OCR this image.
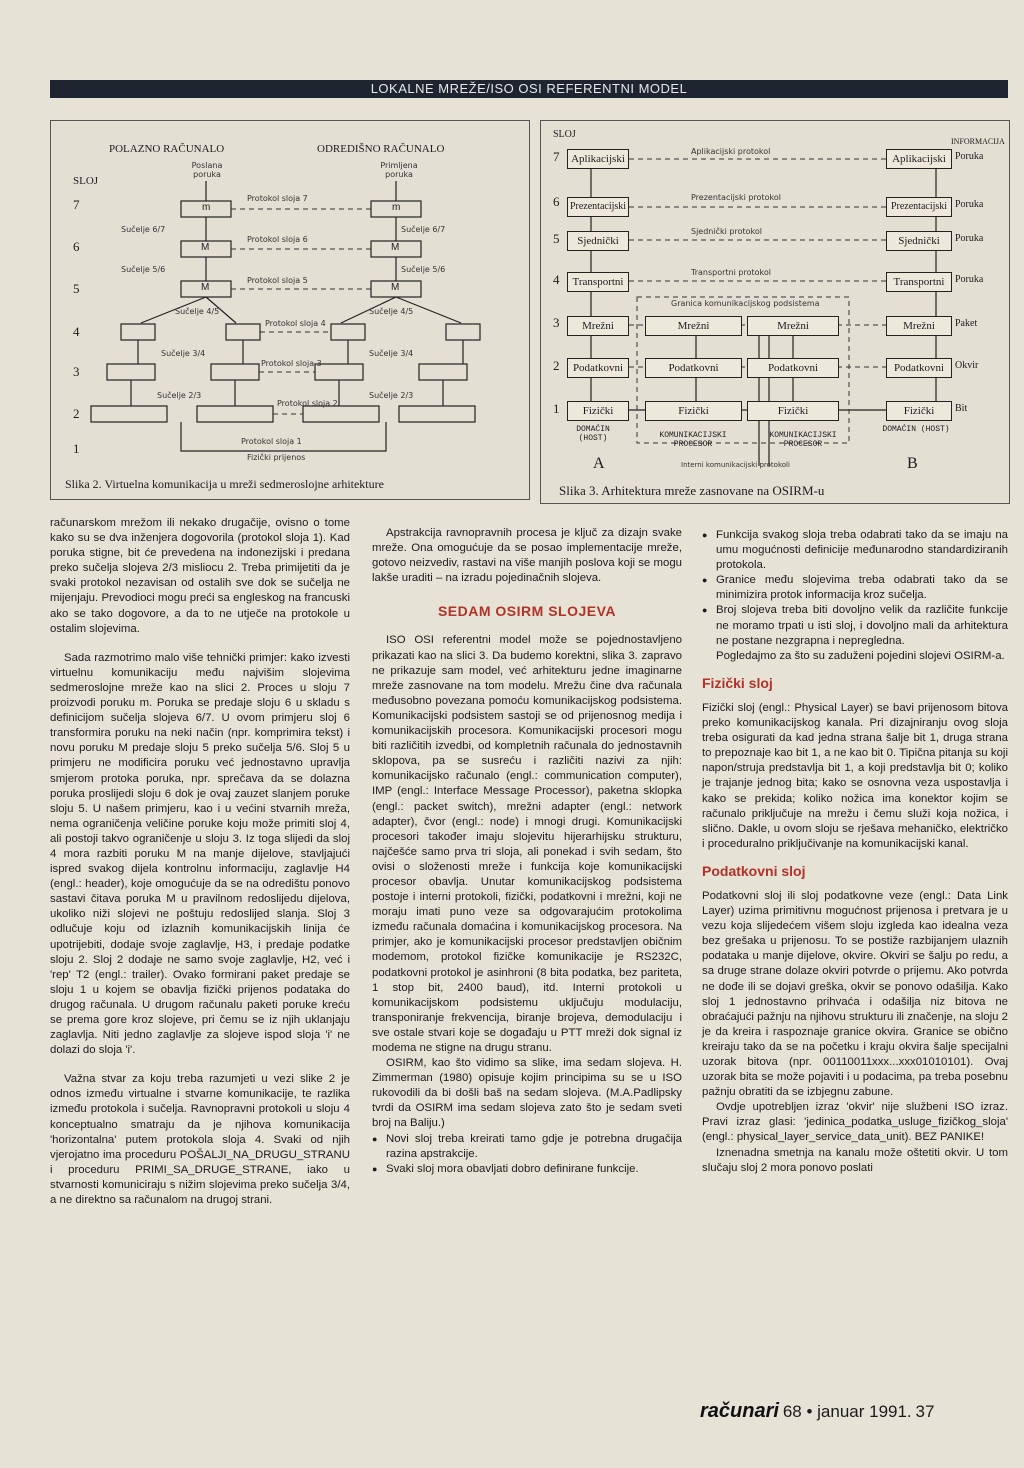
LOKALNE MREŽE/ISO OSI REFERENTNI MODEL
POLAZNO RAČUNALO	ODREDIŠNO RAČUNALO
SLOJ
7
6
5
4
3
2
1
Poslana poruka
Primljena poruka
m	m
M	M
M	M
Protokol sloja 7
Protokol sloja 6
Protokol sloja 5
Protokol sloja 4
Protokol sloja 3
Protokol sloja 2
Protokol sloja 1
Fizički prijenos
Sučelje 6/7	Sučelje 6/7
Sučelje 5/6	Sučelje 5/6
Sučelje 4/5	Sučelje 4/5
Sučelje 3/4	Sučelje 3/4
Sučelje 2/3	Sučelje 2/3
Slika 2. Virtuelna komunikacija u mreži sedmeroslojne arhitekture
SLOJ
INFORMACIJA
7
6
5
4
3
2
1
Aplikacijski
Prezentacijski
Sjednički
Transportni
Mrežni
Podatkovni
Fizički
Aplikacijski
Prezentacijski
Sjednički
Transportni
Mrežni
Podatkovni
Fizički
Mrežni
Podatkovni
Fizički
Mrežni
Podatkovni
Fizički
Aplikacijski protokol
Prezentacijski protokol
Sjednički protokol
Transportni protokol
Granica komunikacijskog podsistema
Poruka
Poruka
Poruka
Poruka
Paket
Okvir
Bit
DOMAĆIN (HOST)
DOMAĆIN (HOST)
KOMUNIKACIJSKI PROCESOR
KOMUNIKACIJSKI PROCESOR
Interni komunikacijski protokoli
A	B
Slika 3. Arhitektura mreže zasnovane na OSIRM-u

računarskom mrežom ili nekako drugačije, ovisno o tome kako su se dva inženjera dogovorila (protokol sloja 1). Kad poruka stigne, bit će prevedena na indonezijski i predana preko sučelja slojeva 2/3 misliocu 2. Treba primijetiti da je svaki protokol nezavisan od ostalih sve dok se sučelja ne mijenjaju. Prevodioci mogu preći sa engleskog na francuski ako se tako dogovore, a da to ne utječe na protokole u ostalim slojevima.

Sada razmotrimo malo više tehnički primjer: kako izvesti virtuelnu komunikaciju među najvišim slojevima sedmeroslojne mreže kao na slici 2. Proces u sloju 7 proizvodi poruku m. Poruka se predaje sloju 6 u skladu s definicijom sučelja slojeva 6/7. U ovom primjeru sloj 6 transformira poruku na neki način (npr. komprimira tekst) i novu poruku M predaje sloju 5 preko sučelja 5/6. Sloj 5 u primjeru ne modificira poruku već jednostavno upravlja smjerom protoka poruka, npr. sprečava da se dolazna poruka proslijedi sloju 6 dok je ovaj zauzet slanjem poruke sloju 5. U našem primjeru, kao i u većini stvarnih mreža, nema ograničenja veličine poruke koju može primiti sloj 4, ali postoji takvo ograničenje u sloju 3. Iz toga slijedi da sloj 4 mora razbiti poruku M na manje dijelove, stavljajući ispred svakog dijela kontrolnu informaciju, zaglavlje H4 (engl.: header), koje omogućuje da se na odredištu ponovo sastavi čitava poruka M u pravilnom redoslijedu dijelova, ukoliko niži slojevi ne poštuju redoslijed slanja. Sloj 3 odlučuje koju od izlaznih komunikacijskih linija će upotrijebiti, dodaje svoje zaglavlje, H3, i predaje podatke sloju 2. Sloj 2 dodaje ne samo svoje zaglavlje, H2, već i 'rep' T2 (engl.: trailer). Ovako formirani paket predaje se sloju 1 u kojem se obavlja fizički prijenos podataka do drugog računala. U drugom računalu paketi poruke kreću se prema gore kroz slojeve, pri čemu se iz njih uklanjaju zaglavlja. Niti jedno zaglavlje za slojeve ispod sloja 'i' ne dolazi do sloja 'i'.

Važna stvar za koju treba razumjeti u vezi slike 2 je odnos između virtualne i stvarne komunikacije, te razlika između protokola i sučelja. Ravnopravni protokoli u sloju 4 konceptualno smatraju da je njihova komunikacija 'horizontalna' putem protokola sloja 4. Svaki od njih vjerojatno ima proceduru POŠALJI_NA_DRUGU_STRANU i proceduru PRIMI_SA_DRUGE_STRANE, iako u stvarnosti komuniciraju s nižim slojevima preko sučelja 3/4, a ne direktno sa računalom na drugoj strani.

Apstrakcija ravnopravnih procesa je ključ za dizajn svake mreže. Ona omogućuje da se posao implementacije mreže, gotovo neizvediv, rastavi na više manjih poslova koji se mogu lakše uraditi – na izradu pojedinačnih slojeva.

SEDAM OSIRM SLOJEVA

ISO OSI referentni model može se pojednostavljeno prikazati kao na slici 3. Da budemo korektni, slika 3. zapravo ne prikazuje sam model, već arhitekturu jedne imaginarne mreže zasnovane na tom modelu. Mrežu čine dva računala međusobno povezana pomoću komunikacijskog podsistema. Komunikacijski podsistem sastoji se od prijenosnog medija i komunikacijskih procesora. Komunikacijski procesori mogu biti različitih izvedbi, od kompletnih računala do jednostavnih sklopova, pa se susreću i različiti nazivi za njih: komunikacijsko računalo (engl.: communication computer), IMP (engl.: Interface Message Processor), paketna sklopka (engl.: packet switch), mrežni adapter (engl.: network adapter), čvor (engl.: node) i mnogi drugi. Komunikacijski procesori također imaju slojevitu hijerarhijsku strukturu, najčešće samo prva tri sloja, ali ponekad i svih sedam, što ovisi o složenosti mreže i funkcija koje komunikacijski procesor obavlja. Unutar komunikacijskog podsistema postoje i interni protokoli, fizički, podatkovni i mrežni, koji ne moraju imati puno veze sa odgovarajućim protokolima između računala domaćina i komunikacijskog procesora. Na primjer, ako je komunikacijski procesor predstavljen običnim modemom, protokol fizičke komunikacije je RS232C, podatkovni protokol je asinhroni (8 bita podatka, bez pariteta, 1 stop bit, 2400 baud), itd. Interni protokoli u komunikacijskom podsistemu uključuju modulaciju, transponiranje frekvencija, biranje brojeva, demodulaciju i sve ostale stvari koje se događaju u PTT mreži dok signal iz modema ne stigne na drugu stranu.

OSIRM, kao što vidimo sa slike, ima sedam slojeva. H. Zimmerman (1980) opisuje kojim principima su se u ISO rukovodili da bi došli baš na sedam slojeva. (M.A.Padlipsky tvrdi da OSIRM ima sedam slojeva zato što je sedam sveti broj na Baliju.)

● Novi sloj treba kreirati tamo gdje je potrebna drugačija razina apstrakcije.
● Svaki sloj mora obavljati dobro definirane funkcije.
● Funkcija svakog sloja treba odabrati tako da se imaju na umu mogućnosti definicije međunarodno standardiziranih protokola.
● Granice među slojevima treba odabrati tako da se minimizira protok informacija kroz sučelja.
● Broj slojeva treba biti dovoljno velik da različite funkcije ne moramo trpati u isti sloj, i dovoljno mali da arhitektura ne postane nezgrapna i nepregledna.

Pogledajmo za što su zaduženi pojedini slojevi OSIRM-a.

Fizički sloj

Fizički sloj (engl.: Physical Layer) se bavi prijenosom bitova preko komunikacijskog kanala. Pri dizajniranju ovog sloja treba osigurati da kad jedna strana šalje bit 1, druga strana to prepoznaje kao bit 1, a ne kao bit 0. Tipična pitanja su koji napon/struja predstavlja bit 1, a koji predstavlja bit 0; koliko je trajanje jednog bita; kako se osnovna veza uspostavlja i kako se prekida; koliko nožica ima konektor kojim se računalo priključuje na mrežu i čemu služi koja nožica, i slično. Dakle, u ovom sloju se rješava mehaničko, električko i proceduralno priključivanje na komunikacijski kanal.

Podatkovni sloj

Podatkovni sloj ili sloj podatkovne veze (engl.: Data Link Layer) uzima primitivnu mogućnost prijenosa i pretvara je u vezu koja slijedećem višem sloju izgleda kao idealna veza bez grešaka u prijenosu. To se postiže razbijanjem ulaznih podataka u manje dijelove, okvire. Okviri se šalju po redu, a sa druge strane dolaze okviri potvrde o prijemu. Ako potvrda ne dođe ili se dojavi greška, okvir se ponovo odašilja. Kako sloj 1 jednostavno prihvaća i odašilja niz bitova ne obraćajući pažnju na njihovu strukturu ili značenje, na sloju 2 je da kreira i raspoznaje granice okvira. Granice se obično kreiraju tako da se na početku i kraju okvira šalje specijalni uzorak bitova (npr. 00110011xxx...xxx01010101). Ovaj uzorak bita se može pojaviti i u podacima, pa treba posebnu pažnju obratiti da se izbjegnu zabune.

Ovdje upotrebljen izraz 'okvir' nije službeni ISO izraz. Pravi izraz glasi: 'jedinica_podatka_usluge_fizičkog_sloja' (engl.: physical_layer_service_data_unit). BEZ PANIKE!

Iznenadna smetnja na kanalu može oštetiti okvir. U tom slučaju sloj 2 mora ponovo poslati

računari 68 • januar 1991. 37
